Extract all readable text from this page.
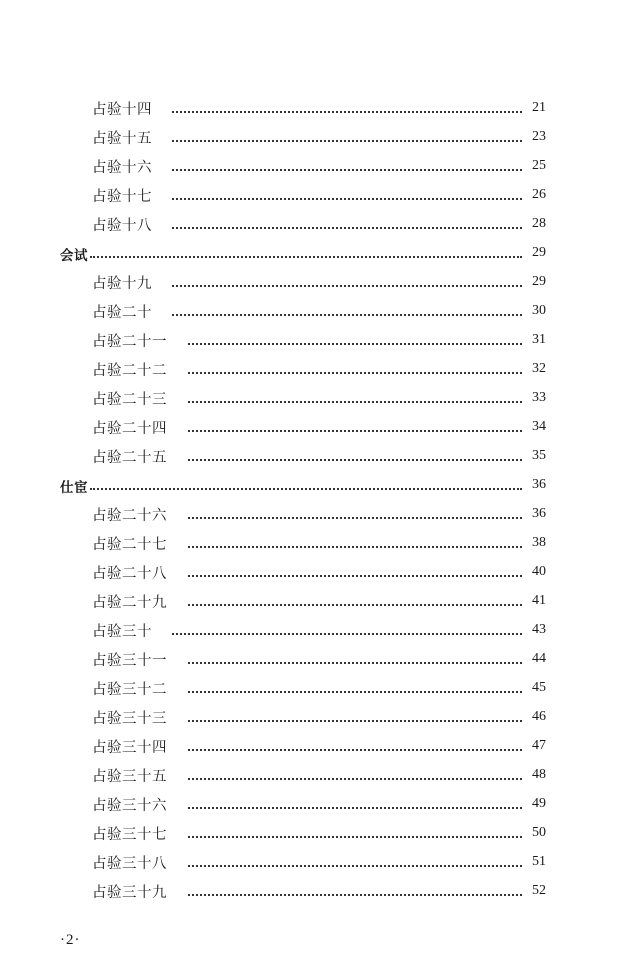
占验十四	21
占验十五	23
占验十六	25
占验十七	26
占验十八	28
会试	29
占验十九	29
占验二十	30
占验二十一	31
占验二十二	32
占验二十三	33
占验二十四	34
占验二十五	35
仕宦	36
占验二十六	36
占验二十七	38
占验二十八	40
占验二十九	41
占验三十	43
占验三十一	44
占验三十二	45
占验三十三	46
占验三十四	47
占验三十五	48
占验三十六	49
占验三十七	50
占验三十八	51
占验三十九	52
·2·
